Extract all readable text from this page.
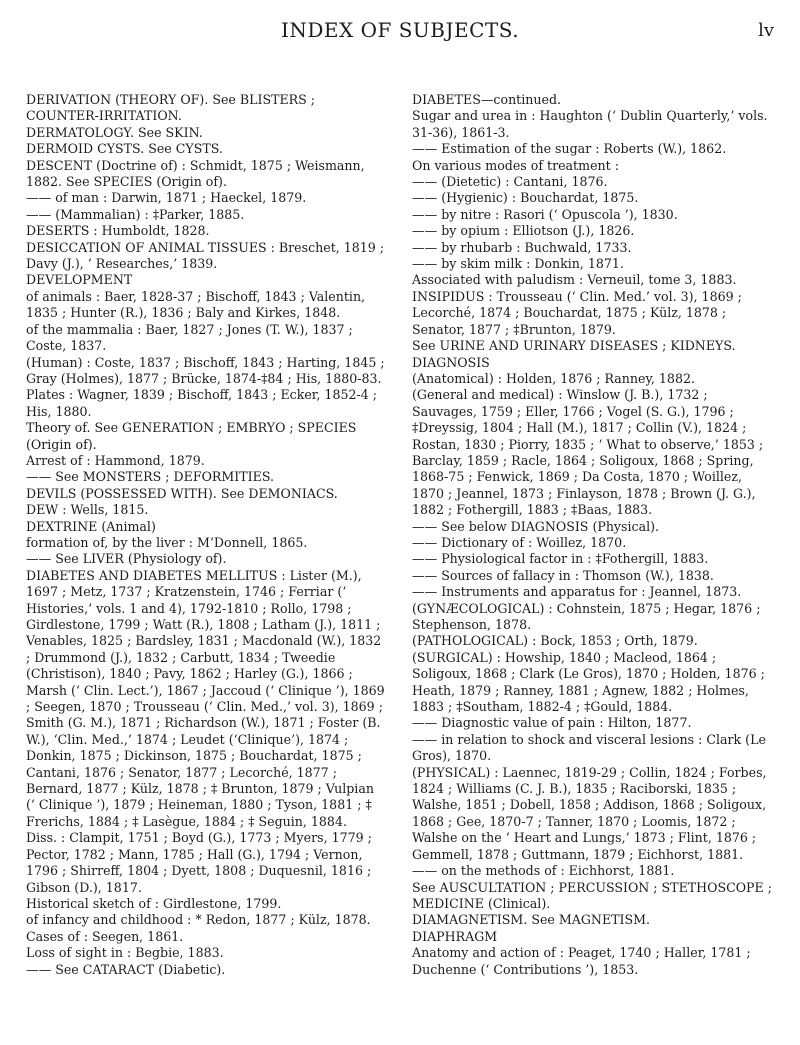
INDEX OF SUBJECTS.	lv

DERIVATION (THEORY OF). See BLISTERS ; COUNTER-IRRITATION.

DERMATOLOGY. See SKIN.

DERMOID CYSTS. See CYSTS.

DESCENT (Doctrine of) : Schmidt, 1875 ; Weismann, 1882. See SPECIES (Origin of).

—— of man : Darwin, 1871 ; Haeckel, 1879.

—— (Mammalian) : ‡Parker, 1885.

DESERTS : Humboldt, 1828.

DESICCATION OF ANIMAL TISSUES : Breschet, 1819 ; Davy (J.), ‘ Researches,’ 1839.

DEVELOPMENT

of animals : Baer, 1828-37 ; Bischoff, 1843 ; Valentin, 1835 ; Hunter (R.), 1836 ; Baly and Kirkes, 1848.

of the mammalia : Baer, 1827 ; Jones (T. W.), 1837 ; Coste, 1837.

(Human) : Coste, 1837 ; Bischoff, 1843 ; Harting, 1845 ; Gray (Holmes), 1877 ; Brücke, 1874-‡84 ; His, 1880-83.

Plates : Wagner, 1839 ; Bischoff, 1843 ; Ecker, 1852-4 ; His, 1880.

Theory of. See GENERATION ; EMBRYO ; SPECIES (Origin of).

Arrest of : Hammond, 1879.

—— See MONSTERS ; DEFORMITIES.

DEVILS (POSSESSED WITH). See DEMONIACS.

DEW : Wells, 1815.

DEXTRINE (Animal)

formation of, by the liver : M‘Donnell, 1865.

—— See LIVER (Physiology of).

DIABETES AND DIABETES MELLITUS : Lister (M.), 1697 ; Metz, 1737 ; Kratzenstein, 1746 ; Ferriar (‘ Histories,’ vols. 1 and 4), 1792-1810 ; Rollo, 1798 ; Girdlestone, 1799 ; Watt (R.), 1808 ; Latham (J.), 1811 ; Venables, 1825 ; Bardsley, 1831 ; Macdonald (W.), 1832 ; Drummond (J.), 1832 ; Carbutt, 1834 ; Tweedie (Christison), 1840 ; Pavy, 1862 ; Harley (G.), 1866 ; Marsh (‘ Clin. Lect.’), 1867 ; Jaccoud (‘ Clinique ’), 1869 ; Seegen, 1870 ; Trousseau (‘ Clin. Med.,’ vol. 3), 1869 ; Smith (G. M.), 1871 ; Richardson (W.), 1871 ; Foster (B. W.), ‘Clin. Med.,’ 1874 ; Leudet (‘Clinique’), 1874 ; Donkin, 1875 ; Dickinson, 1875 ; Bouchardat, 1875 ; Cantani, 1876 ; Senator, 1877 ; Lecorché, 1877 ; Bernard, 1877 ; Külz, 1878 ; ‡ Brunton, 1879 ; Vulpian (‘ Clinique ’), 1879 ; Heineman, 1880 ; Tyson, 1881 ; ‡ Frerichs, 1884 ; ‡ Lasègue, 1884 ; ‡ Seguin, 1884.

Diss. : Clampit, 1751 ; Boyd (G.), 1773 ; Myers, 1779 ; Pector, 1782 ; Mann, 1785 ; Hall (G.), 1794 ; Vernon, 1796 ; Shirreff, 1804 ; Dyett, 1808 ; Duquesnil, 1816 ; Gibson (D.), 1817.

Historical sketch of : Girdlestone, 1799.

of infancy and childhood : * Redon, 1877 ; Külz, 1878.

Cases of : Seegen, 1861.

Loss of sight in : Begbie, 1883.

—— See CATARACT (Diabetic).

DIABETES—continued.

Sugar and urea in : Haughton (‘ Dublin Quarterly,’ vols. 31-36), 1861-3.

—— Estimation of the sugar : Roberts (W.), 1862.

On various modes of treatment :

—— (Dietetic) : Cantani, 1876.

—— (Hygienic) : Bouchardat, 1875.

—— by nitre : Rasori (‘ Opuscola ’), 1830.

—— by opium : Elliotson (J.), 1826.

—— by rhubarb : Buchwald, 1733.

—— by skim milk : Donkin, 1871.

Associated with paludism : Verneuil, tome 3, 1883.

INSIPIDUS : Trousseau (‘ Clin. Med.’ vol. 3), 1869 ; Lecorché, 1874 ; Bouchardat, 1875 ; Külz, 1878 ; Senator, 1877 ; ‡Brunton, 1879.

See URINE AND URINARY DISEASES ; KIDNEYS.

DIAGNOSIS

(Anatomical) : Holden, 1876 ; Ranney, 1882.

(General and medical) : Winslow (J. B.), 1732 ; Sauvages, 1759 ; Eller, 1766 ; Vogel (S. G.), 1796 ; ‡Dreyssig, 1804 ; Hall (M.), 1817 ; Collin (V.), 1824 ; Rostan, 1830 ; Piorry, 1835 ; ‘ What to observe,’ 1853 ; Barclay, 1859 ; Racle, 1864 ; Soligoux, 1868 ; Spring, 1868-75 ; Fenwick, 1869 ; Da Costa, 1870 ; Woillez, 1870 ; Jeannel, 1873 ; Finlayson, 1878 ; Brown (J. G.), 1882 ; Fothergill, 1883 ; ‡Baas, 1883.

—— See below DIAGNOSIS (Physical).

—— Dictionary of : Woillez, 1870.

—— Physiological factor in : ‡Fothergill, 1883.

—— Sources of fallacy in : Thomson (W.), 1838.

—— Instruments and apparatus for : Jeannel, 1873.

(GYNÆCOLOGICAL) : Cohnstein, 1875 ; Hegar, 1876 ; Stephenson, 1878.

(PATHOLOGICAL) : Bock, 1853 ; Orth, 1879.

(SURGICAL) : Howship, 1840 ; Macleod, 1864 ; Soligoux, 1868 ; Clark (Le Gros), 1870 ; Holden, 1876 ; Heath, 1879 ; Ranney, 1881 ; Agnew, 1882 ; Holmes, 1883 ; ‡Southam, 1882-4 ; ‡Gould, 1884.

—— Diagnostic value of pain : Hilton, 1877.

—— in relation to shock and visceral lesions : Clark (Le Gros), 1870.

(PHYSICAL) : Laennec, 1819-29 ; Collin, 1824 ; Forbes, 1824 ; Williams (C. J. B.), 1835 ; Raciborski, 1835 ; Walshe, 1851 ; Dobell, 1858 ; Addison, 1868 ; Soligoux, 1868 ; Gee, 1870-7 ; Tanner, 1870 ; Loomis, 1872 ; Walshe on the ‘ Heart and Lungs,’ 1873 ; Flint, 1876 ; Gemmell, 1878 ; Guttmann, 1879 ; Eichhorst, 1881.

—— on the methods of : Eichhorst, 1881.

See AUSCULTATION ; PERCUSSION ; STETHOSCOPE ; MEDICINE (Clinical).

DIAMAGNETISM. See MAGNETISM.

DIAPHRAGM

Anatomy and action of : Peaget, 1740 ; Haller, 1781 ; Duchenne (‘ Contributions ’), 1853.
